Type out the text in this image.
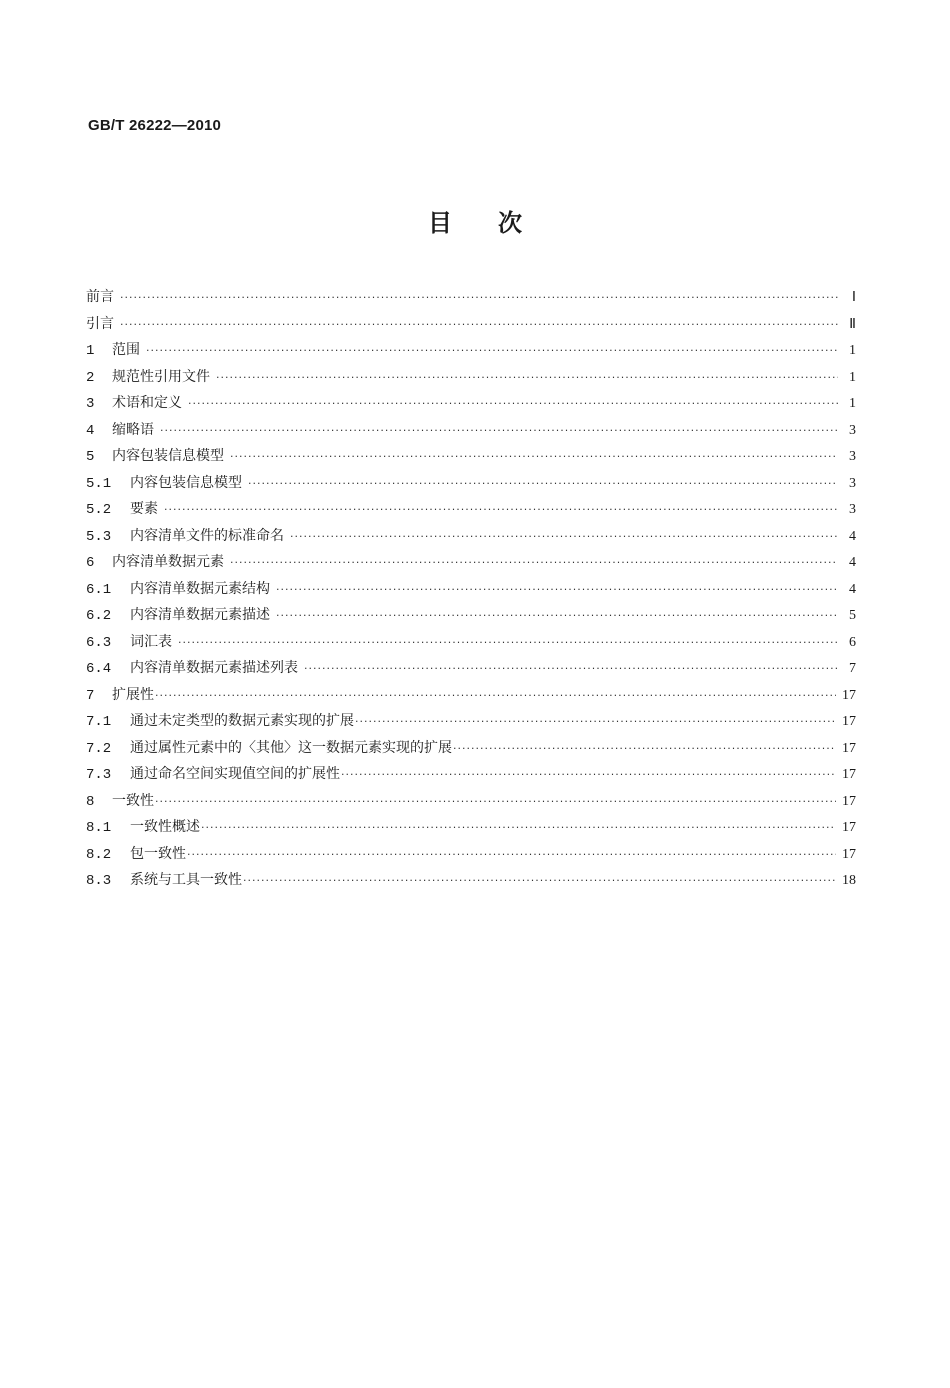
GB/T 26222—2010
目次
前言 ·····	Ⅰ
引言 ·····	Ⅱ
1	范围 ·····	1
2	规范性引用文件 ·····	1
3	术语和定义 ·····	1
4	缩略语 ·····	3
5	内容包装信息模型 ·····	3
5.1	内容包装信息模型 ·····	3
5.2	要素 ·····	3
5.3	内容清单文件的标准命名 ·····	4
6	内容清单数据元素 ·····	4
6.1	内容清单数据元素结构 ·····	4
6.2	内容清单数据元素描述 ·····	5
6.3	词汇表 ·····	6
6.4	内容清单数据元素描述列表 ·····	7
7	扩展性 ·····	17
7.1	通过未定类型的数据元素实现的扩展 ·····	17
7.2	通过属性元素中的〈其他〉这一数据元素实现的扩展 ·····	17
7.3	通过命名空间实现值空间的扩展性 ·····	17
8	一致性 ·····	17
8.1	一致性概述 ·····	17
8.2	包一致性 ·····	17
8.3	系统与工具一致性 ·····	18
